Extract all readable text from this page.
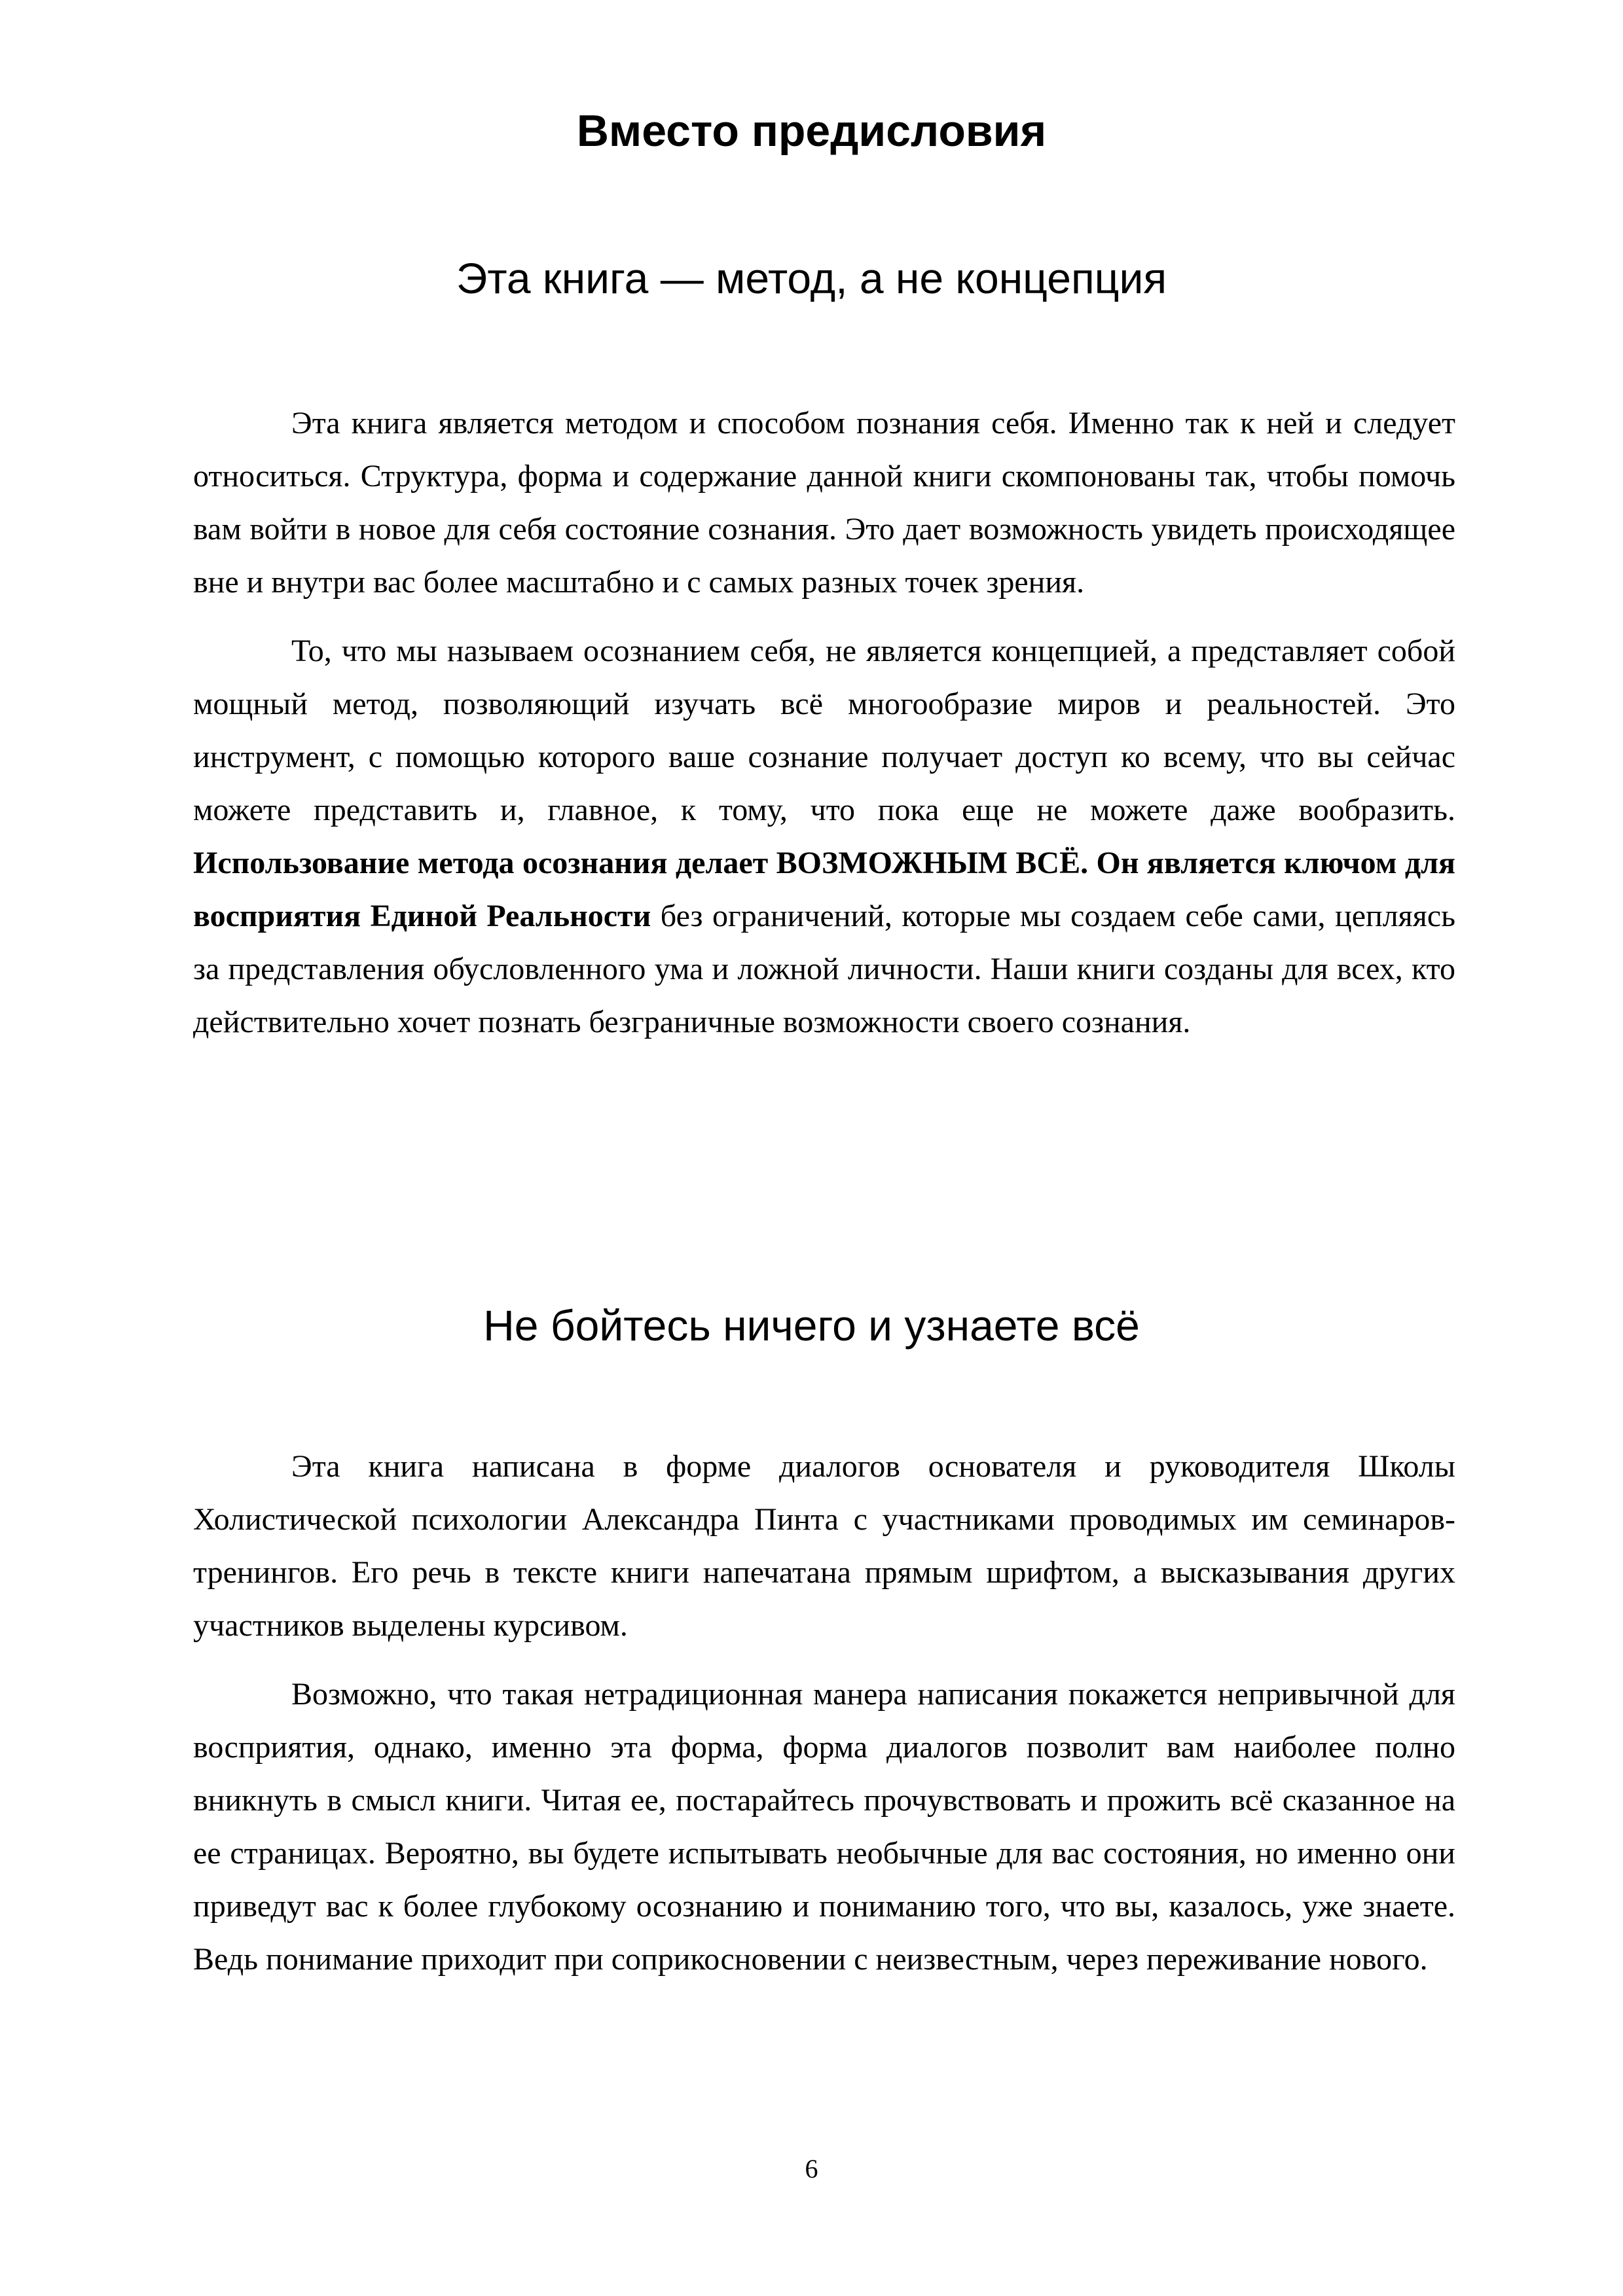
Вместо предисловия
Эта книга — метод, а не концепция

Эта книга является методом и способом познания себя. Именно так к ней и следует относиться. Структура, форма и содержание данной книги скомпонованы так, чтобы помочь вам войти в новое для себя состояние сознания. Это дает возможность увидеть происходящее вне и внутри вас более масштабно и с самых разных точек зрения.

То, что мы называем осознанием себя, не является концепцией, а представляет собой мощный метод, позволяющий изучать всё многообразие миров и реальностей. Это инструмент, с помощью которого ваше сознание получает доступ ко всему, что вы сейчас можете представить и, главное, к тому, что пока еще не можете даже вообразить. Использование метода осознания делает ВОЗМОЖНЫМ ВСЁ. Он является ключом для восприятия Единой Реальности без ограничений, которые мы создаем себе сами, цепляясь за представления обусловленного ума и ложной личности. Наши книги созданы для всех, кто действительно хочет познать безграничные возможности своего сознания.

Не бойтесь ничего и узнаете всё

Эта книга написана в форме диалогов основателя и руководителя Школы Холистической психологии Александра Пинта с участниками проводимых им семинаров-тренингов. Его речь в тексте книги напечатана прямым шрифтом, а высказывания других участников выделены курсивом.

Возможно, что такая нетрадиционная манера написания покажется непривычной для восприятия, однако, именно эта форма, форма диалогов позволит вам наиболее полно вникнуть в смысл книги. Читая ее, постарайтесь прочувствовать и прожить всё сказанное на ее страницах. Вероятно, вы будете испытывать необычные для вас состояния, но именно они приведут вас к более глубокому осознанию и пониманию того, что вы, казалось, уже знаете. Ведь понимание приходит при соприкосновении с неизвестным, через переживание нового.

6
